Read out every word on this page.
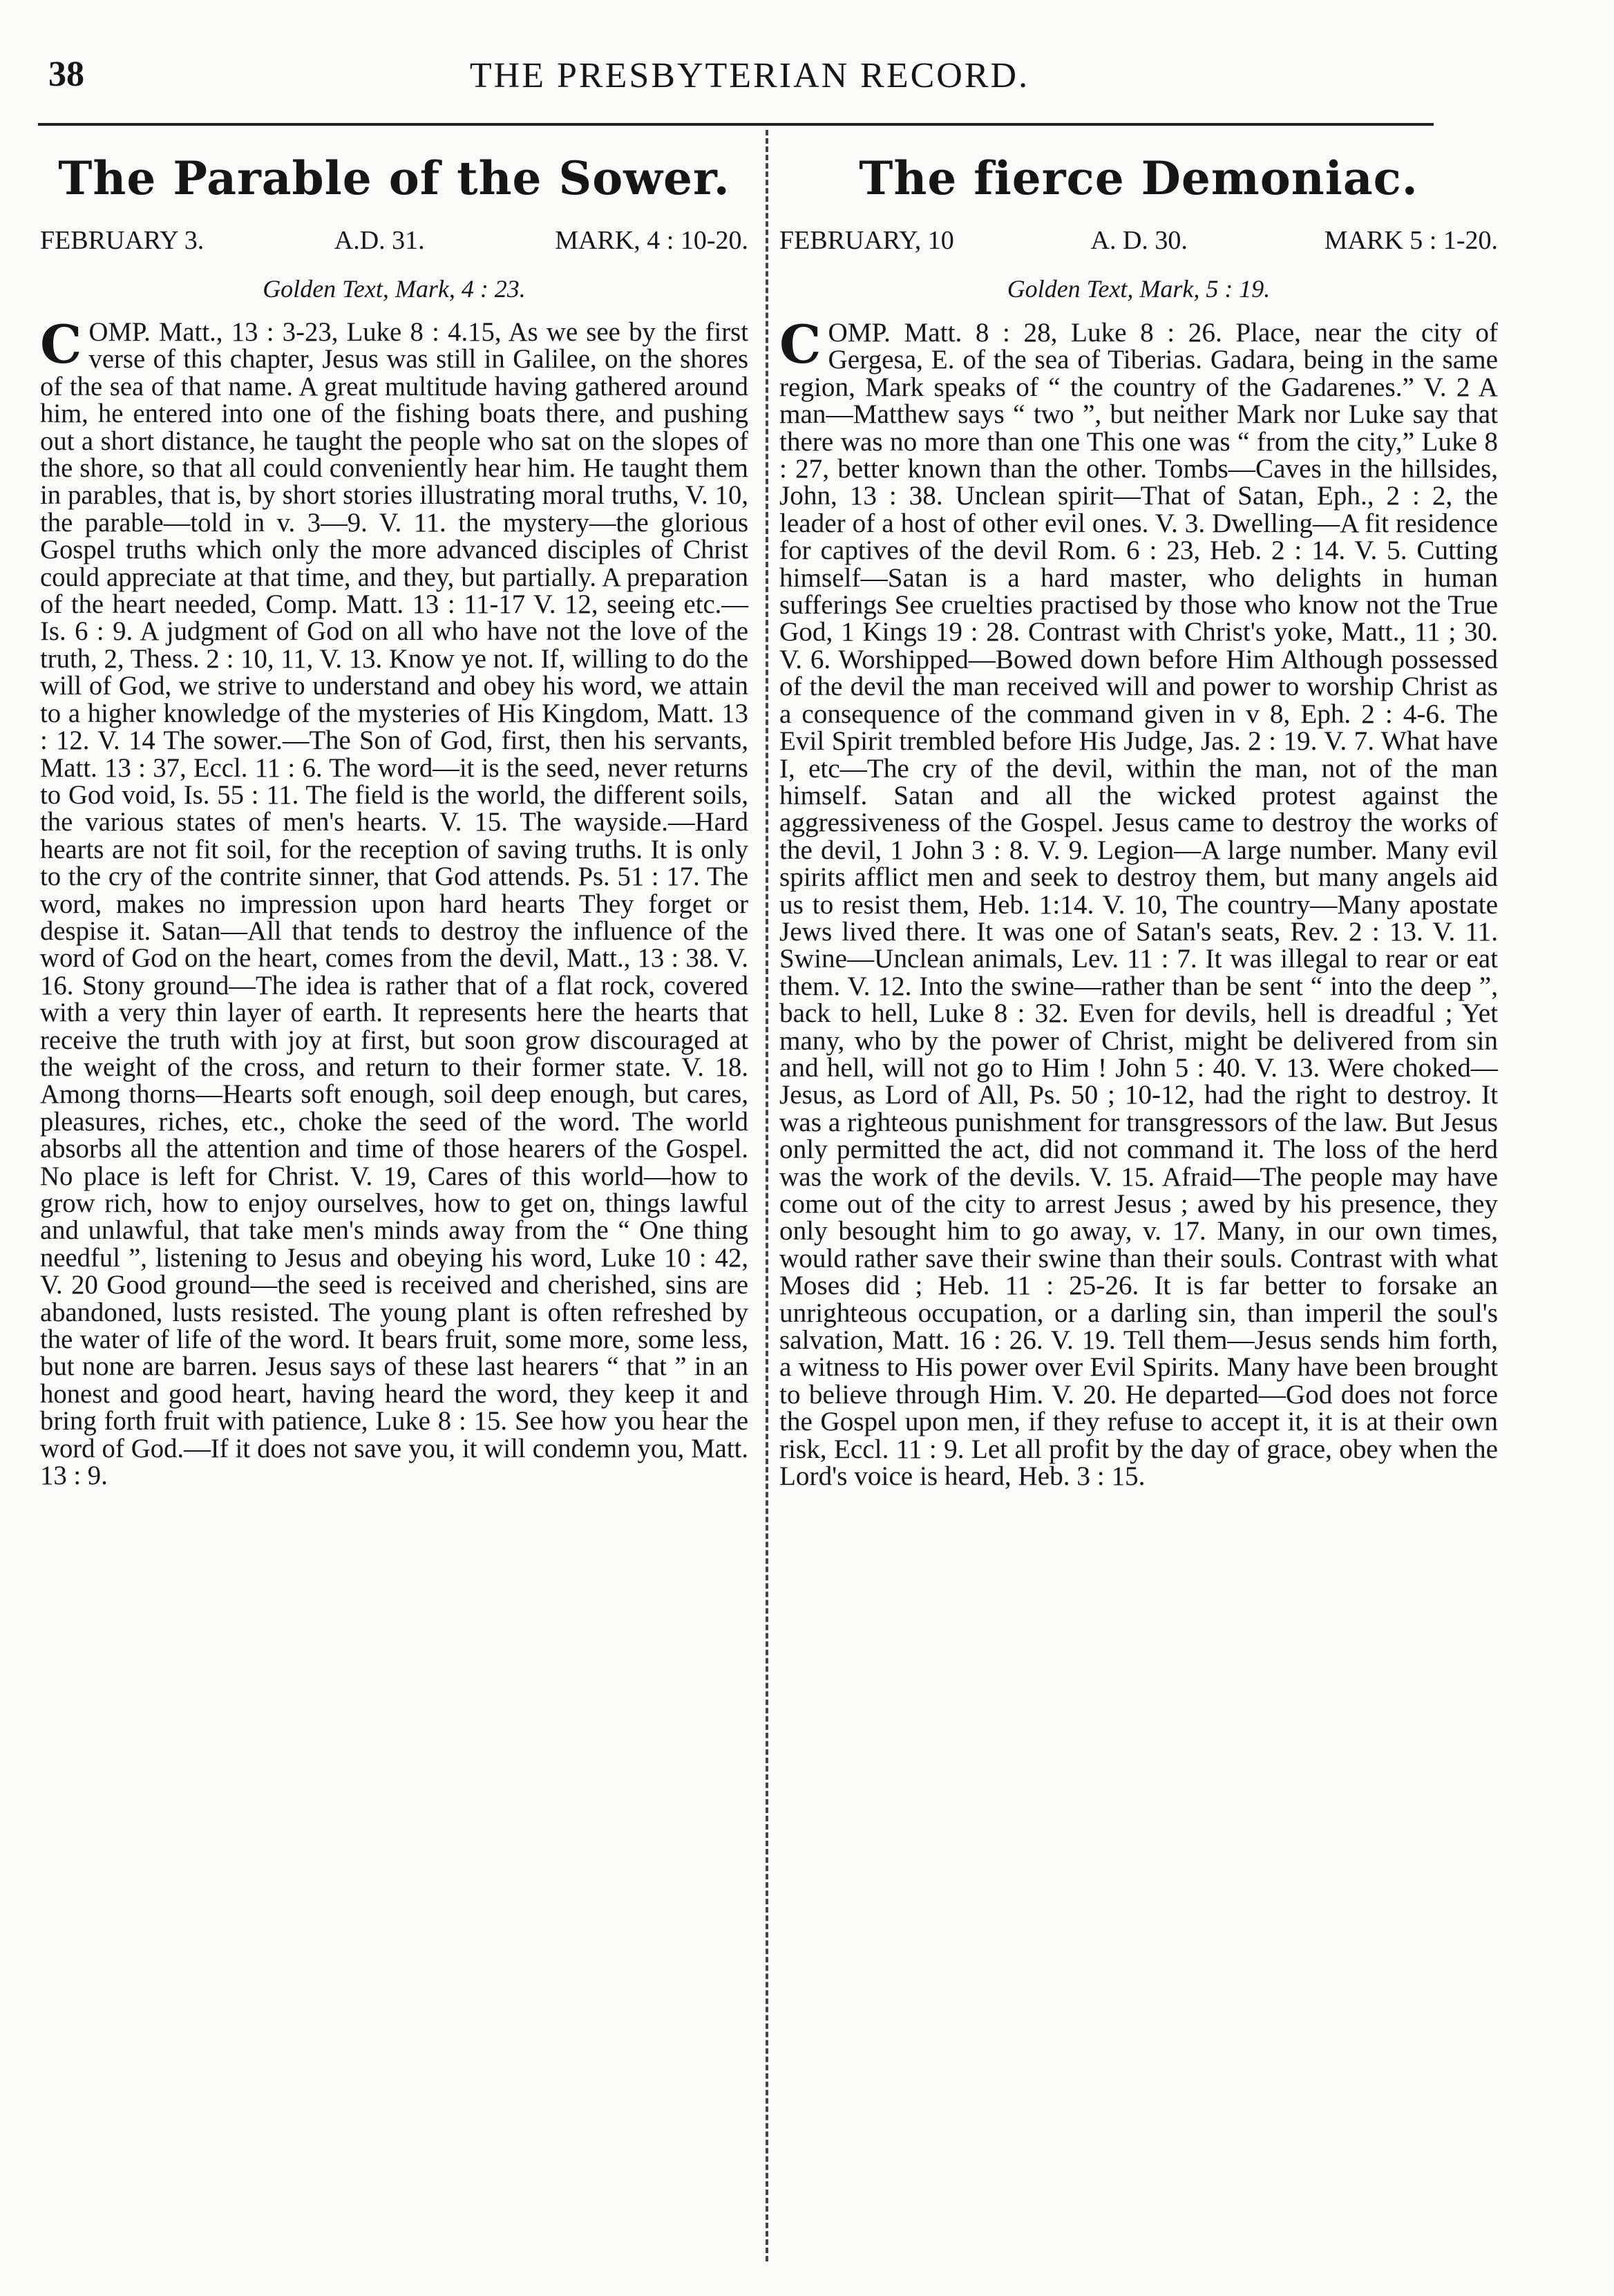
38	THE PRESBYTERIAN RECORD.
The Parable of the Sower.
FEBRUARY 3.	A.D. 31.	MARK, 4 : 10-20.
Golden Text, Mark, 4 : 23.
COMP. Matt., 13 : 3-23, Luke 8 : 4.15, As we see by the first verse of this chapter, Jesus was still in Galilee, on the shores of the sea of that name. A great multitude having gathered around him, he entered into one of the fishing boats there, and pushing out a short distance, he taught the people who sat on the slopes of the shore, so that all could conveniently hear him. He taught them in parables, that is, by short stories illustrating moral truths, V. 10, the parable—told in v. 3—9. V. 11. the mystery—the glorious Gospel truths which only the more advanced disciples of Christ could appreciate at that time, and they, but partially. A preparation of the heart needed, Comp. Matt. 13 : 11-17 V. 12, seeing etc.—Is. 6 : 9. A judgment of God on all who have not the love of the truth, 2, Thess. 2 : 10, 11, V. 13. Know ye not. If, willing to do the will of God, we strive to understand and obey his word, we attain to a higher knowledge of the mysteries of His Kingdom, Matt. 13 : 12. V. 14 The sower.—The Son of God, first, then his servants, Matt. 13 : 37, Eccl. 11 : 6. The word—it is the seed, never returns to God void, Is. 55 : 11. The field is the world, the different soils, the various states of men's hearts. V. 15. The wayside.—Hard hearts are not fit soil, for the reception of saving truths. It is only to the cry of the contrite sinner, that God attends. Ps. 51 : 17. The word, makes no impression upon hard hearts They forget or despise it. Satan—All that tends to destroy the influence of the word of God on the heart, comes from the devil, Matt., 13 : 38. V. 16. Stony ground—The idea is rather that of a flat rock, covered with a very thin layer of earth. It represents here the hearts that receive the truth with joy at first, but soon grow discouraged at the weight of the cross, and return to their former state. V. 18. Among thorns—Hearts soft enough, soil deep enough, but cares, pleasures, riches, etc., choke the seed of the word. The world absorbs all the attention and time of those hearers of the Gospel. No place is left for Christ. V. 19, Cares of this world—how to grow rich, how to enjoy ourselves, how to get on, things lawful and unlawful, that take men's minds away from the “ One thing needful ”, listening to Jesus and obeying his word, Luke 10 : 42, V. 20 Good ground—the seed is received and cherished, sins are abandoned, lusts resisted. The young plant is often refreshed by the water of life of the word. It bears fruit, some more, some less, but none are barren. Jesus says of these last hearers “ that ” in an honest and good heart, having heard the word, they keep it and bring forth fruit with patience, Luke 8 : 15. See how you hear the word of God.—If it does not save you, it will condemn you, Matt. 13 : 9.
The fierce Demoniac.
FEBRUARY, 10	A. D. 30.	MARK 5 : 1-20.
Golden Text, Mark, 5 : 19.
COMP. Matt. 8 : 28, Luke 8 : 26. Place, near the city of Gergesa, E. of the sea of Tiberias. Gadara, being in the same region, Mark speaks of “ the country of the Gadarenes.” V. 2 A man—Matthew says “ two ”, but neither Mark nor Luke say that there was no more than one This one was “ from the city,” Luke 8 : 27, better known than the other. Tombs—Caves in the hillsides, John, 13 : 38. Unclean spirit—That of Satan, Eph., 2 : 2, the leader of a host of other evil ones. V. 3. Dwelling—A fit residence for captives of the devil Rom. 6 : 23, Heb. 2 : 14. V. 5. Cutting himself—Satan is a hard master, who delights in human sufferings See cruelties practised by those who know not the True God, 1 Kings 19 : 28. Contrast with Christ's yoke, Matt., 11 ; 30. V. 6. Worshipped—Bowed down before Him Although possessed of the devil the man received will and power to worship Christ as a consequence of the command given in v 8, Eph. 2 : 4-6. The Evil Spirit trembled before His Judge, Jas. 2 : 19. V. 7. What have I, etc—The cry of the devil, within the man, not of the man himself. Satan and all the wicked protest against the aggressiveness of the Gospel. Jesus came to destroy the works of the devil, 1 John 3 : 8. V. 9. Legion—A large number. Many evil spirits afflict men and seek to destroy them, but many angels aid us to resist them, Heb. 1:14. V. 10, The country—Many apostate Jews lived there. It was one of Satan's seats, Rev. 2 : 13. V. 11. Swine—Unclean animals, Lev. 11 : 7. It was illegal to rear or eat them. V. 12. Into the swine—rather than be sent “ into the deep ”, back to hell, Luke 8 : 32. Even for devils, hell is dreadful ; Yet many, who by the power of Christ, might be delivered from sin and hell, will not go to Him ! John 5 : 40. V. 13. Were choked—Jesus, as Lord of All, Ps. 50 ; 10-12, had the right to destroy. It was a righteous punishment for transgressors of the law. But Jesus only permitted the act, did not command it. The loss of the herd was the work of the devils. V. 15. Afraid—The people may have come out of the city to arrest Jesus ; awed by his presence, they only besought him to go away, v. 17. Many, in our own times, would rather save their swine than their souls. Contrast with what Moses did ; Heb. 11 : 25-26. It is far better to forsake an unrighteous occupation, or a darling sin, than imperil the soul's salvation, Matt. 16 : 26. V. 19. Tell them—Jesus sends him forth, a witness to His power over Evil Spirits. Many have been brought to believe through Him. V. 20. He departed—God does not force the Gospel upon men, if they refuse to accept it, it is at their own risk, Eccl. 11 : 9. Let all profit by the day of grace, obey when the Lord's voice is heard, Heb. 3 : 15.
